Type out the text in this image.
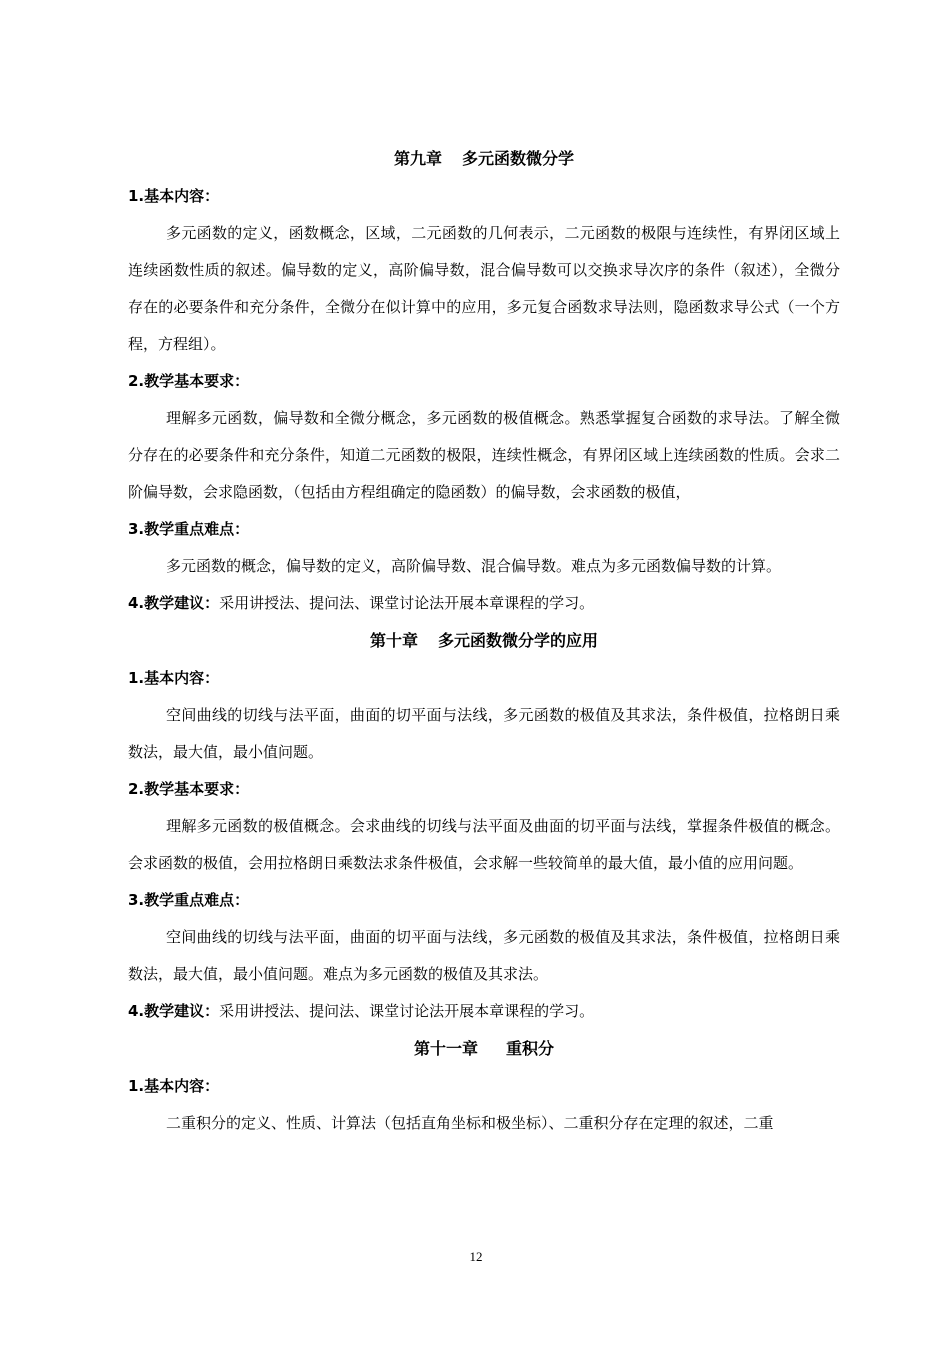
第九章 多元函数微分学
1.基本内容：

多元函数的定义，函数概念，区域，二元函数的几何表示，二元函数的极限与连续性，有界闭区域上连续函数性质的叙述。偏导数的定义，高阶偏导数，混合偏导数可以交换求导次序的条件（叙述），全微分存在的必要条件和充分条件，全微分在似计算中的应用，多元复合函数求导法则，隐函数求导公式（一个方程，方程组）。

2.教学基本要求：

理解多元函数，偏导数和全微分概念，多元函数的极值概念。熟悉掌握复合函数的求导法。了解全微分存在的必要条件和充分条件，知道二元函数的极限，连续性概念，有界闭区域上连续函数的性质。会求二阶偏导数，会求隐函数，（包括由方程组确定的隐函数）的偏导数，会求函数的极值，

3.教学重点难点：

多元函数的概念，偏导数的定义，高阶偏导数、混合偏导数。难点为多元函数偏导数的计算。

4.教学建议：采用讲授法、提问法、课堂讨论法开展本章课程的学习。
第十章 多元函数微分学的应用
1.基本内容：

空间曲线的切线与法平面，曲面的切平面与法线，多元函数的极值及其求法，条件极值，拉格朗日乘数法，最大值，最小值问题。

2.教学基本要求：

理解多元函数的极值概念。会求曲线的切线与法平面及曲面的切平面与法线，掌握条件极值的概念。会求函数的极值，会用拉格朗日乘数法求条件极值，会求解一些较简单的最大值，最小值的应用问题。

3.教学重点难点：

空间曲线的切线与法平面，曲面的切平面与法线，多元函数的极值及其求法，条件极值，拉格朗日乘数法，最大值，最小值问题。难点为多元函数的极值及其求法。

4.教学建议：采用讲授法、提问法、课堂讨论法开展本章课程的学习。
第十一章 重积分
1.基本内容：

二重积分的定义、性质、计算法（包括直角坐标和极坐标）、二重积分存在定理的叙述，二重

12
